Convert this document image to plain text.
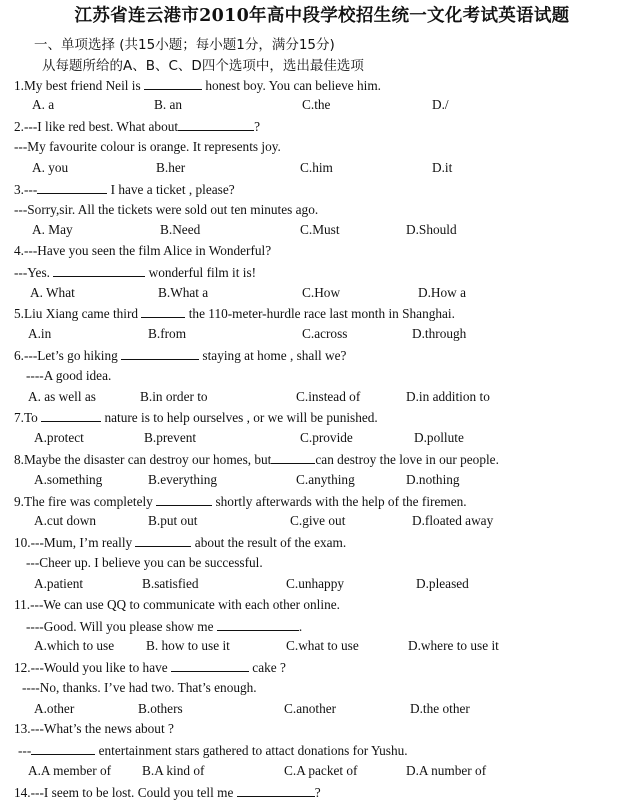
江苏省连云港市2010年高中段学校招生统一文化考试英语试题
一、单项选择 (共15小题；每小题1分，满分15分)
从每题所给的A、B、C、D四个选项中，选出最佳选项
1.My best friend Neil is	honest boy. You can believe him.
A. a	B. an	C.the	D./
2.---I like red best. What about	?
---My favourite colour is orange. It represents joy.
A. you	B.her	C.him	D.it
3.---	I have a ticket , please?
---Sorry,sir. All the tickets were sold out ten minutes ago.
A. May	B.Need	C.Must	D.Should
4.---Have you seen the film Alice in Wonderful?
---Yes.	wonderful film it is!
A. What	B.What a	C.How	D.How a
5.Liu Xiang came third	the 110-meter-hurdle race last month in Shanghai.
A.in	B.from	C.across	D.through
6.---Let’s go hiking	staying at home , shall we?
----A good idea.
A. as well as	B.in order to	C.instead of	D.in addition to
7.To	nature is to help ourselves , or we will be punished.
A.protect	B.prevent	C.provide	D.pollute
8.Maybe the disaster can destroy our homes, but	can destroy the love in our people.
A.something	B.everything	C.anything	D.nothing
9.The fire was completely	shortly afterwards with the help of the firemen.
A.cut down	B.put out	C.give out	D.floated away
10.---Mum, I’m really	about the result of the exam.
---Cheer up. I believe you can be successful.
A.patient	B.satisfied	C.unhappy	D.pleased
11.---We can use QQ to communicate with each other online.
----Good. Will you please show me	.
A.which to use B. how to use it	C.what to use	D.where to use it
12.---Would you like to have	cake ?
----No, thanks. I’ve had two. That’s enough.
A.other	B.others	C.another	D.the other
13.---What’s the news about ?
---	entertainment stars gathered to attact donations for Yushu.
A.A member of B.A kind of	C.A packet of	D.A number of
14.---I seem to be lost. Could you tell me	?
